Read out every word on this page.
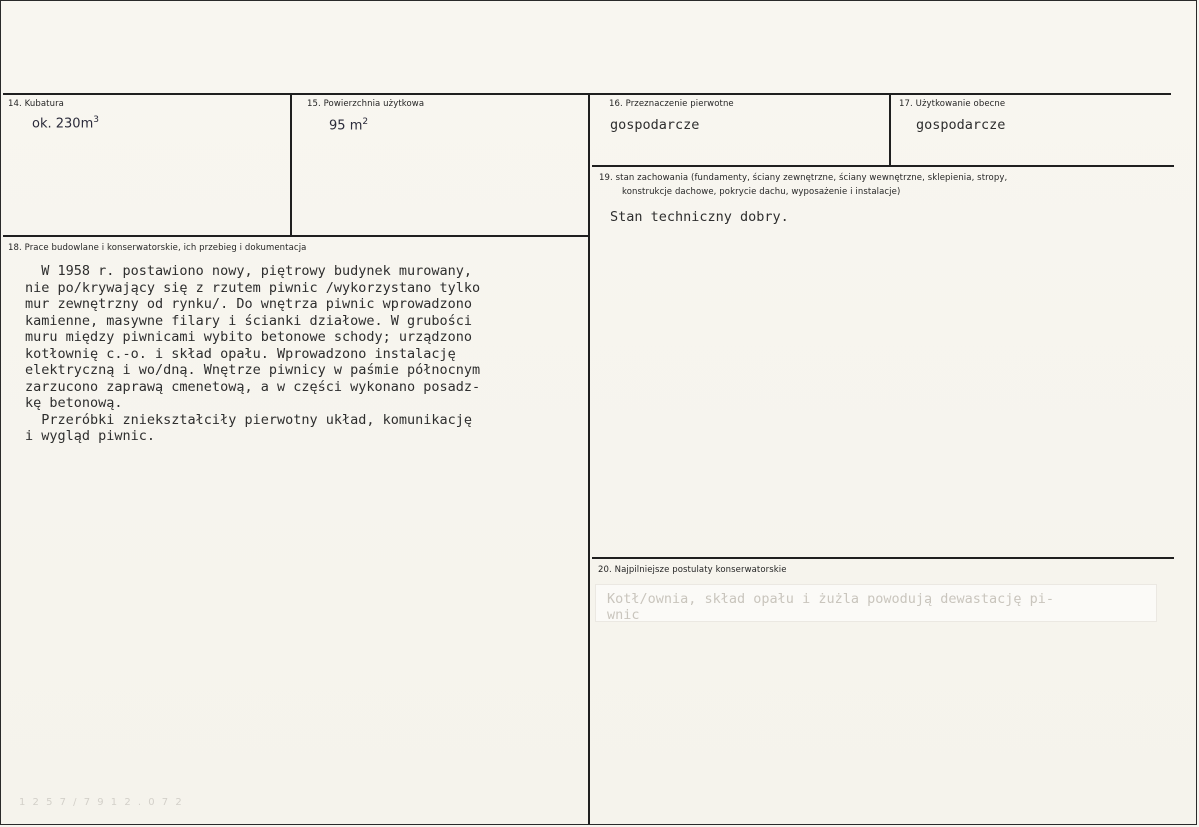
14. Kubatura
ok. $230m^3$
15. Powierzchnia użytkowa
95 $m^2$
16. Przeznaczenie pierwotne
gospodarcze
17. Użytkowanie obecne
gospodarcze
19. stan zachowania (fundamenty, ściany zewnętrzne, ściany wewnętrzne, sklepienia, stropy,
konstrukcje dachowe, pokrycie dachu, wyposażenie i instalacje)
Stan techniczny dobry.
18. Prace budowlane i konserwatorskie, ich przebieg i dokumentacja
W 1958 r. postawiono nowy, piętrowy budynek murowany,
nie po/krywający się z rzutem piwnic /wykorzystano tylko
mur zewnętrzny od rynku/. Do wnętrza piwnic wprowadzono
kamienne, masywne filary i ścianki działowe. W grubości
muru między piwnicami wybito betonowe schody; urządzono
kotłownię c.-o. i skład opału. Wprowadzono instalację
elektryczną i wo/dną. Wnętrze piwnicy w paśmie północnym
zarzucono zaprawą cmenetową, a w części wykonano posadz-
kę betonową.
Przeróbki zniekształciły pierwotny układ, komunikację
i wygląd piwnic.
20. Najpilniejsze postulaty konserwatorskie
Kotł/ownia, skład opału i żużla powodują dewastację pi-
wnic
1 2 5 7 / 7 9 1 2 . 0 7 2
